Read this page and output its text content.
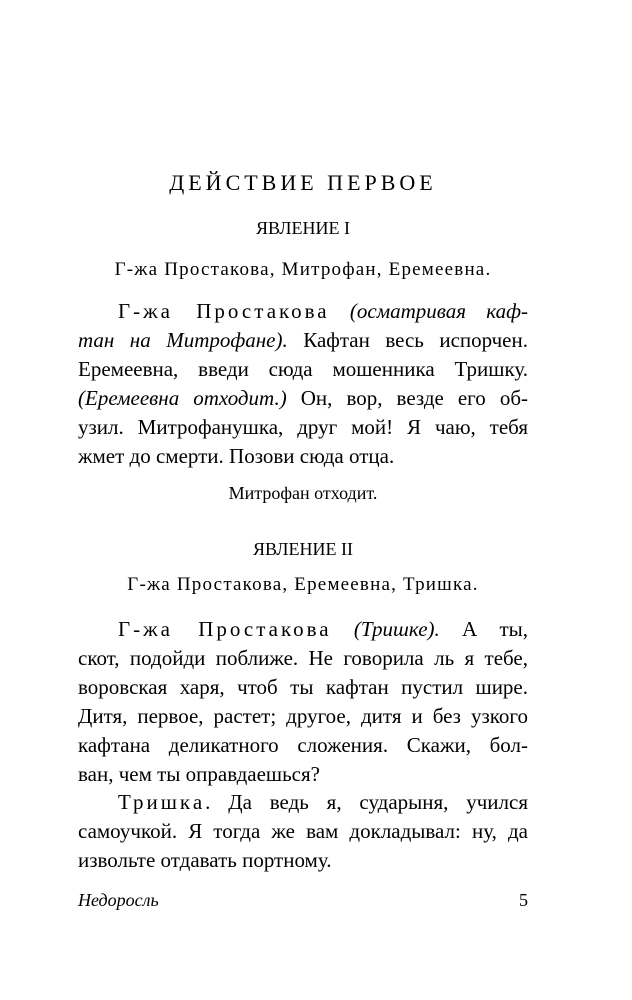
ДЕЙСТВИЕ ПЕРВОЕ
ЯВЛЕНИЕ I

Г-жа Простакова, Митрофан, Еремеевна.

Г-жа Простакова (осматривая каф-
тан на Митрофане). Кафтан весь испорчен.
Еремеевна, введи сюда мошенника Тришку.
(Еремеевна отходит.) Он, вор, везде его об-
узил. Митрофанушка, друг мой! Я чаю, тебя
жмет до смерти. Позови сюда отца.

Митрофан отходит.

ЯВЛЕНИЕ II

Г-жа Простакова, Еремеевна, Тришка.

Г-жа Простакова (Тришке). А ты,
скот, подойди поближе. Не говорила ль я тебе,
воровская харя, чтоб ты кафтан пустил шире.
Дитя, первое, растет; другое, дитя и без узкого
кафтана деликатного сложения. Скажи, бол-
ван, чем ты оправдаешься?
Тришка. Да ведь я, сударыня, учился
самоучкой. Я тогда же вам докладывал: ну, да
извольте отдавать портному.
Недоросль	5
